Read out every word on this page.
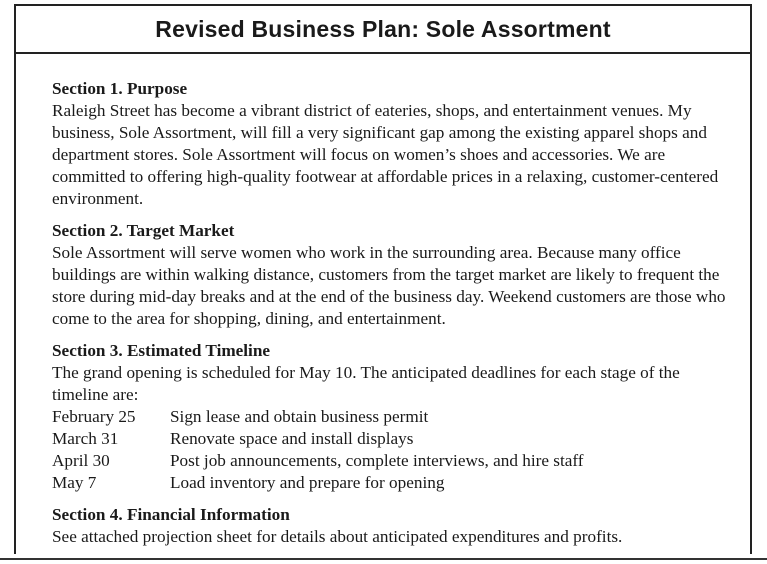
Revised Business Plan: Sole Assortment
Section 1. Purpose
Raleigh Street has become a vibrant district of eateries, shops, and entertainment venues. My business, Sole Assortment, will fill a very significant gap among the existing apparel shops and department stores. Sole Assortment will focus on women’s shoes and accessories. We are committed to offering high-quality footwear at affordable prices in a relaxing, customer-centered environment.
Section 2. Target Market
Sole Assortment will serve women who work in the surrounding area. Because many office buildings are within walking distance, customers from the target market are likely to frequent the store during mid-day breaks and at the end of the business day. Weekend customers are those who come to the area for shopping, dining, and entertainment.
Section 3. Estimated Timeline
The grand opening is scheduled for May 10. The anticipated deadlines for each stage of the timeline are:
February 25	Sign lease and obtain business permit
March 31	Renovate space and install displays
April 30	Post job announcements, complete interviews, and hire staff
May 7	Load inventory and prepare for opening
Section 4. Financial Information
See attached projection sheet for details about anticipated expenditures and profits.
